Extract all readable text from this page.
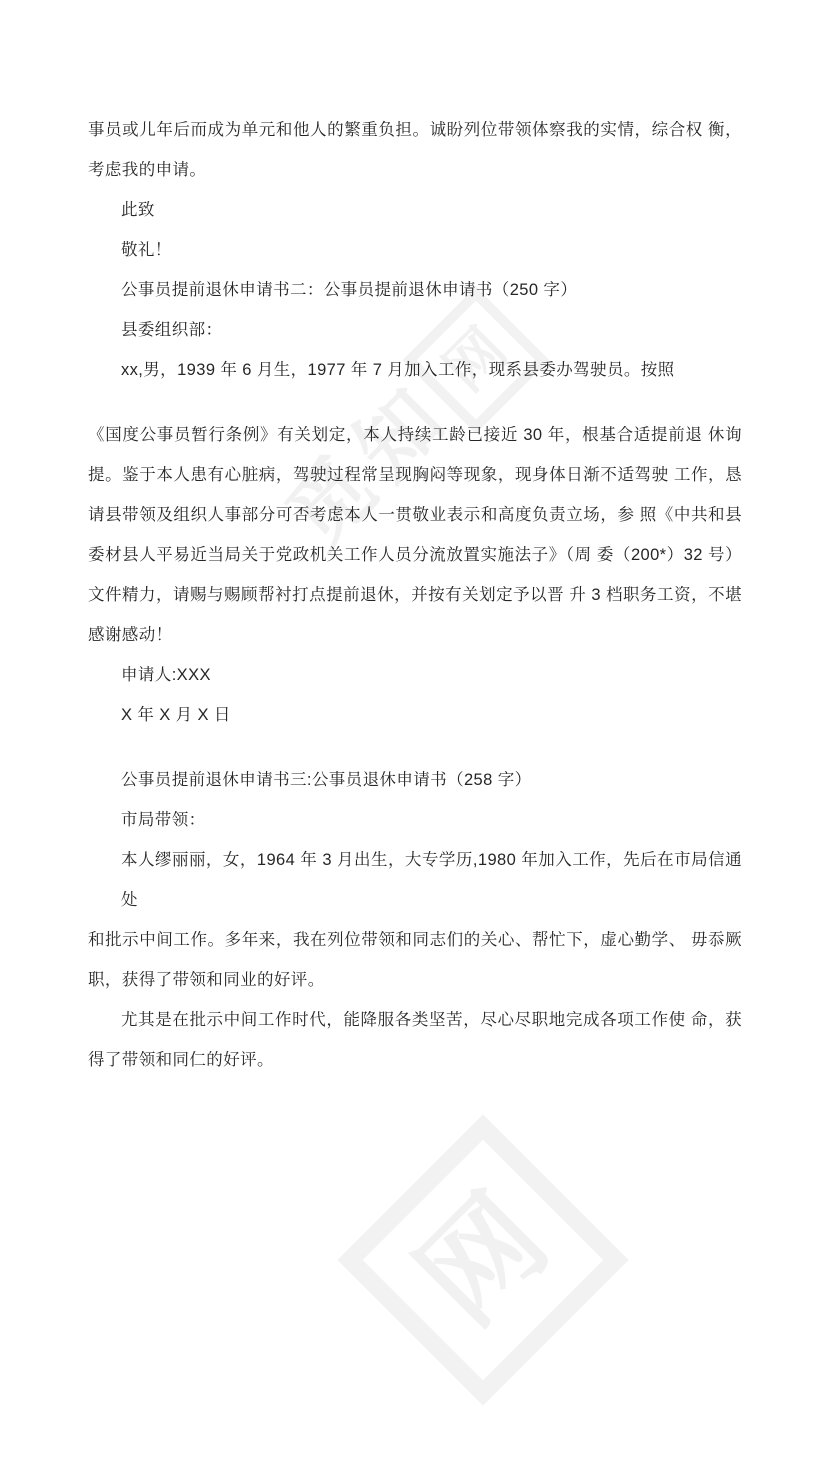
觅
知
网
网

事员或儿年后而成为单元和他人的繁重负担。诚盼列位带领体察我的实情，综合权 衡，

考虑我的申请。

此致

敬礼！

公事员提前退休申请书二：公事员提前退休申请书（250 字）

县委组织部：

xx,男，1939 年 6 月生，1977 年 7 月加入工作，现系县委办驾驶员。按照

《国度公事员暂行条例》有关划定，本人持续工龄已接近 30 年，根基合适提前退 休询

提。鉴于本人患有心脏病，驾驶过程常呈现胸闷等现象，现身体日渐不适驾驶 工作，恳

请县带领及组织人事部分可否考虑本人一贯敬业表示和高度负责立场，参 照《中共和县

委材县人平易近当局关于党政机关工作人员分流放置实施法子》（周 委（200*）32 号）

文件精力，请赐与赐顾帮衬打点提前退休，并按有关划定予以晋 升 3 档职务工资，不堪

感谢感动！

申请人:XXX

X 年 X 月 X 日

公事员提前退休申请书三:公事员退休申请书（258 字）

市局带领：

本人缪丽丽，女，1964 年 3 月出生，大专学历,1980 年加入工作，先后在市局信通 处

和批示中间工作。多年来，我在列位带领和同志们的关心、帮忙下，虚心勤学、 毋忝厥

职，获得了带领和同业的好评。

尤其是在批示中间工作时代，能降服各类坚苦，尽心尽职地完成各项工作使 命，获

得了带领和同仁的好评。
